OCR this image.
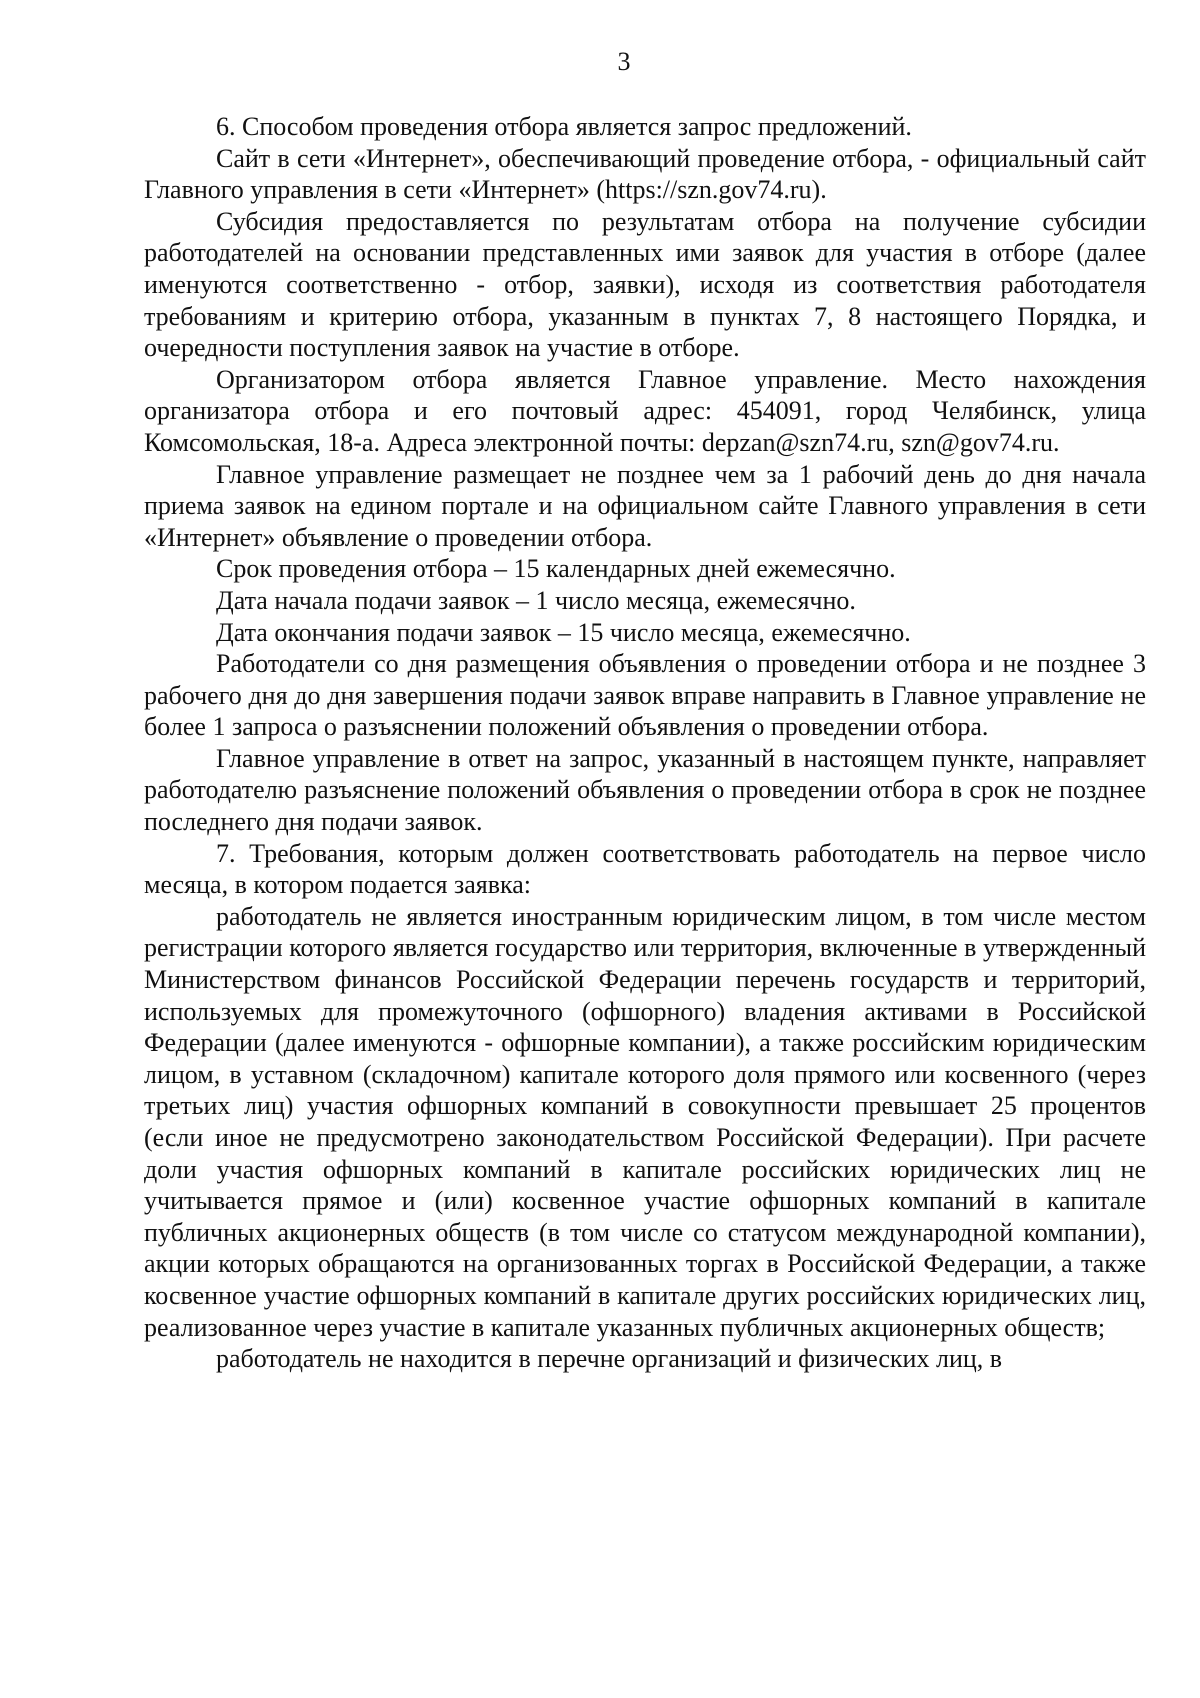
3

6. Способом проведения отбора является запрос предложений.

Сайт в сети «Интернет», обеспечивающий проведение отбора, - официальный сайт Главного управления в сети «Интернет» (https://szn.gov74.ru).

Субсидия предоставляется по результатам отбора на получение субсидии работодателей на основании представленных ими заявок для участия в отборе (далее именуются соответственно - отбор, заявки), исходя из соответствия работодателя требованиям и критерию отбора, указанным в пунктах 7, 8 настоящего Порядка, и очередности поступления заявок на участие в отборе.

Организатором отбора является Главное управление. Место нахождения организатора отбора и его почтовый адрес: 454091, город Челябинск, улица Комсомольская, 18-а. Адреса электронной почты: depzan@szn74.ru, szn@gov74.ru.

Главное управление размещает не позднее чем за 1 рабочий день до дня начала приема заявок на едином портале и на официальном сайте Главного управления в сети «Интернет» объявление о проведении отбора.

Срок проведения отбора – 15 календарных дней ежемесячно.

Дата начала подачи заявок – 1 число месяца, ежемесячно.

Дата окончания подачи заявок – 15 число месяца, ежемесячно.

Работодатели со дня размещения объявления о проведении отбора и не позднее 3 рабочего дня до дня завершения подачи заявок вправе направить в Главное управление не более 1 запроса о разъяснении положений объявления о проведении отбора.

Главное управление в ответ на запрос, указанный в настоящем пункте, направляет работодателю разъяснение положений объявления о проведении отбора в срок не позднее последнего дня подачи заявок.

7. Требования, которым должен соответствовать работодатель на первое число месяца, в котором подается заявка:

работодатель не является иностранным юридическим лицом, в том числе местом регистрации которого является государство или территория, включенные в утвержденный Министерством финансов Российской Федерации перечень государств и территорий, используемых для промежуточного (офшорного) владения активами в Российской Федерации (далее именуются - офшорные компании), а также российским юридическим лицом, в уставном (складочном) капитале которого доля прямого или косвенного (через третьих лиц) участия офшорных компаний в совокупности превышает 25 процентов (если иное не предусмотрено законодательством Российской Федерации). При расчете доли участия офшорных компаний в капитале российских юридических лиц не учитывается прямое и (или) косвенное участие офшорных компаний в капитале публичных акционерных обществ (в том числе со статусом международной компании), акции которых обращаются на организованных торгах в Российской Федерации, а также косвенное участие офшорных компаний в капитале других российских юридических лиц, реализованное через участие в капитале указанных публичных акционерных обществ;

работодатель не находится в перечне организаций и физических лиц, в
